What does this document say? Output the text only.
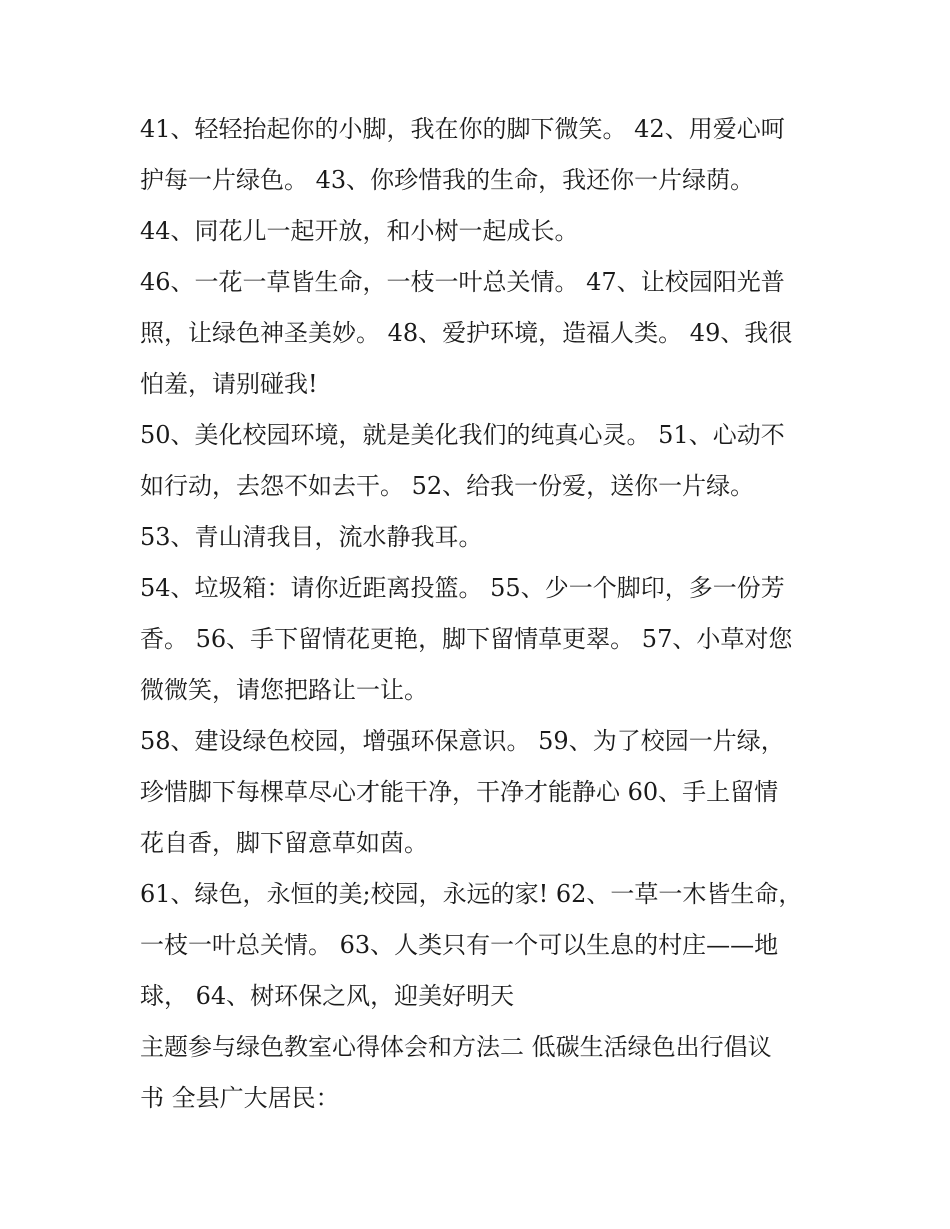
41、轻轻抬起你的小脚，我在你的脚下微笑。 42、用爱心呵
护每一片绿色。 43、你珍惜我的生命，我还你一片绿荫。
44、同花儿一起开放，和小树一起成长。
46、一花一草皆生命，一枝一叶总关情。 47、让校园阳光普
照，让绿色神圣美妙。 48、爱护环境，造福人类。 49、我很
怕羞，请别碰我!
50、美化校园环境，就是美化我们的纯真心灵。 51、心动不
如行动，去怨不如去干。 52、给我一份爱，送你一片绿。
53、青山清我目，流水静我耳。
54、垃圾箱：请你近距离投篮。 55、少一个脚印，多一份芳
香。 56、手下留情花更艳，脚下留情草更翠。 57、小草对您
微微笑，请您把路让一让。
58、建设绿色校园，增强环保意识。 59、为了校园一片绿，
珍惜脚下每棵草尽心才能干净，干净才能静心 60、手上留情
花自香，脚下留意草如茵。
61、绿色，永恒的美;校园，永远的家! 62、一草一木皆生命，
一枝一叶总关情。 63、人类只有一个可以生息的村庄——地
球， 64、树环保之风，迎美好明天
主题参与绿色教室心得体会和方法二 低碳生活绿色出行倡议
书 全县广大居民：
